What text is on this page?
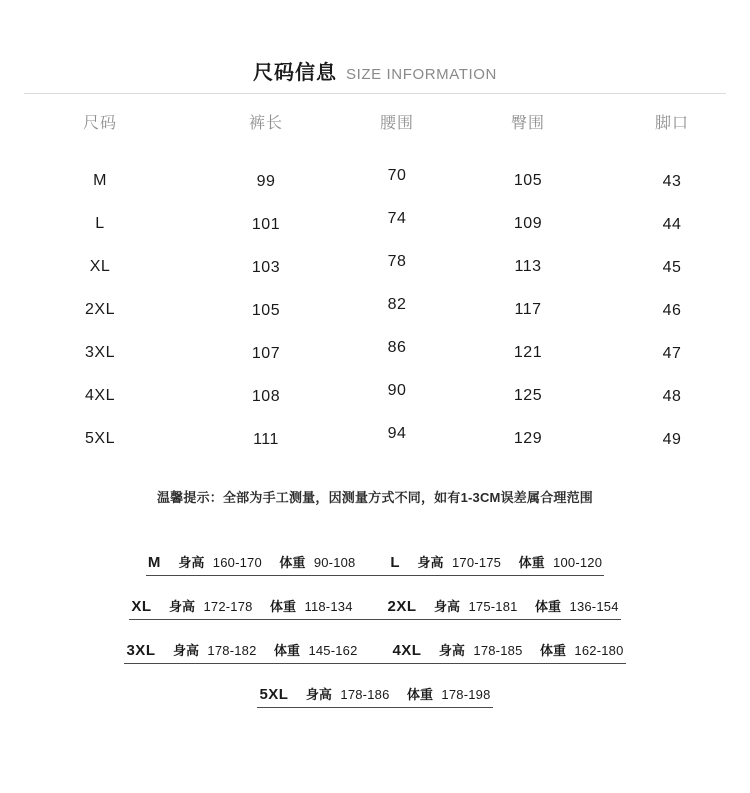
尺码信息 SIZE INFORMATION
尺码	裤长	腰围	臀围	脚口
M	99	70	105	43
L	101	74	109	44
XL	103	78	113	45
2XL	105	82	117	46
3XL	107	86	121	47
4XL	108	90	125	48
5XL	111	94	129	49
温馨提示：全部为手工测量，因测量方式不同，如有1-3CM误差属合理范围
M 身高 160-170 体重 90-108 L 身高 170-175 体重 100-120
XL 身高 172-178 体重 118-134 2XL 身高 175-181 体重 136-154
3XL 身高 178-182 体重 145-162 4XL 身高 178-185 体重 162-180
5XL 身高 178-186 体重 178-198
